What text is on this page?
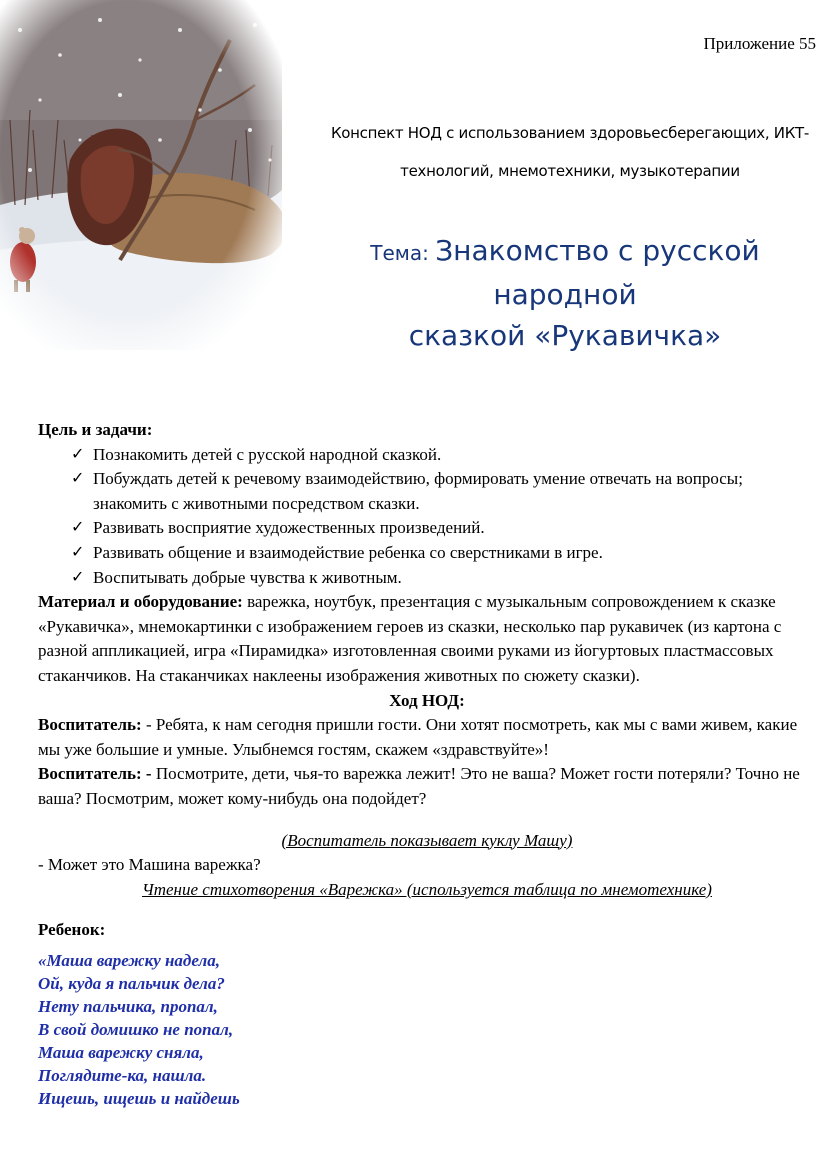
Приложение 55
Конспект НОД с использованием здоровьесберегающих, ИКТ-
технологий, мнемотехники, музыкотерапии
Тема: Знакомство с русской
народной
сказкой «Рукавичка»

Цель и задачи:

✓ Познакомить детей с русской народной сказкой.
✓ Побуждать детей к речевому взаимодействию, формировать умение отвечать на вопросы; знакомить с животными посредством сказки.
✓ Развивать восприятие художественных произведений.
✓ Развивать общение и взаимодействие ребенка со сверстниками в игре.
✓ Воспитывать добрые чувства к животным.

Материал и оборудование: варежка, ноутбук, презентация с музыкальным сопровождением к сказке «Рукавичка», мнемокартинки с изображением героев из сказки, несколько пар рукавичек (из картона с разной аппликацией, игра «Пирамидка» изготовленная своими руками из йогуртовых пластмассовых стаканчиков. На стаканчиках наклеены изображения животных по сюжету сказки).

Ход НОД:

Воспитатель: - Ребята, к нам сегодня пришли гости. Они хотят посмотреть, как мы с вами живем, какие мы уже большие и умные. Улыбнемся гостям, скажем «здравствуйте»!

Воспитатель: - Посмотрите, дети, чья-то варежка лежит! Это не ваша? Может гости потеряли? Точно не ваша? Посмотрим, может кому-нибудь она подойдет?

(Воспитатель показывает куклу Машу)

- Может это Машина варежка?

Чтение стихотворения «Варежка» (используется таблица по мнемотехнике)

Ребенок:

«Маша варежку надела,
Ой, куда я пальчик дела?
Нету пальчика, пропал,
В свой домишко не попал,
Маша варежку сняла,
Поглядите-ка, нашла.
Ищешь, ищешь и найдешь
